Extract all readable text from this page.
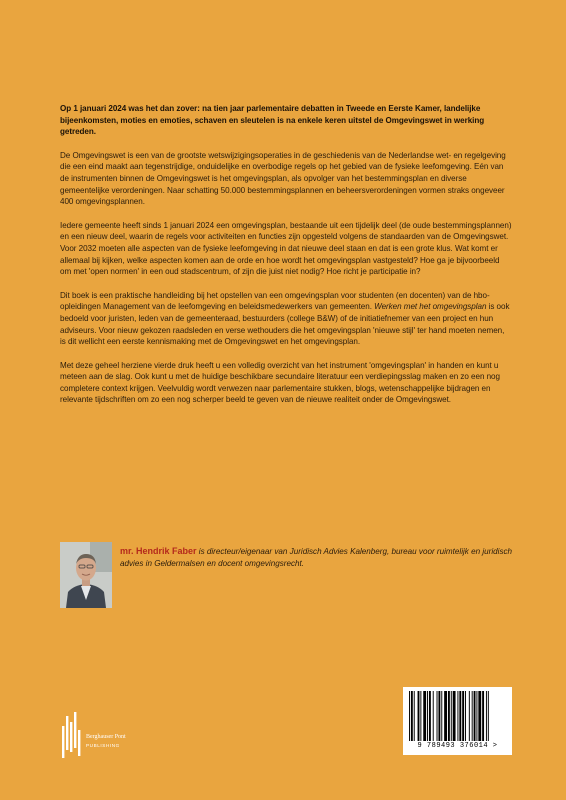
Op 1 januari 2024 was het dan zover: na tien jaar parlementaire debatten in Tweede en Eerste Kamer, landelijke bijeenkomsten, moties en emoties, schaven en sleutelen is na enkele keren uitstel de Omgevingswet in werking getreden.

De Omgevingswet is een van de grootste wetswijzigingsoperaties in de geschiedenis van de Nederlandse wet- en regelgeving die een eind maakt aan tegenstrijdige, onduidelijke en overbodige regels op het gebied van de fysieke leefomgeving. Eén van de instrumenten binnen de Omgevingswet is het omgevingsplan, als opvolger van het bestemmingsplan en diverse gemeentelijke verordeningen. Naar schatting 50.000 bestemmingsplannen en beheersverordeningen vormen straks ongeveer 400 omgevingsplannen.

Iedere gemeente heeft sinds 1 januari 2024 een omgevingsplan, bestaande uit een tijdelijk deel (de oude bestemmingsplannen) en een nieuw deel, waarin de regels voor activiteiten en functies zijn opgesteld volgens de standaarden van de Omgevingswet. Voor 2032 moeten alle aspecten van de fysieke leefomgeving in dat nieuwe deel staan en dat is een grote klus. Wat komt er allemaal bij kijken, welke aspecten komen aan de orde en hoe wordt het omgevingsplan vastgesteld? Hoe ga je bijvoorbeeld om met 'open normen' in een oud stadscentrum, of zijn die juist niet nodig? Hoe richt je participatie in?

Dit boek is een praktische handleiding bij het opstellen van een omgevingsplan voor studenten (en docenten) van de hbo-opleidingen Management van de leefomgeving en beleidsmedewerkers van gemeenten. Werken met het omgevingsplan is ook bedoeld voor juristen, leden van de gemeenteraad, bestuurders (college B&W) of de initiatiefnemer van een project en hun adviseurs. Voor nieuw gekozen raadsleden en verse wethouders die het omgevingsplan 'nieuwe stijl' ter hand moeten nemen, is dit wellicht een eerste kennismaking met de Omgevingswet en het omgevingsplan.

Met deze geheel herziene vierde druk heeft u een volledig overzicht van het instrument 'omgevingsplan' in handen en kunt u meteen aan de slag. Ook kunt u met de huidige beschikbare secundaire literatuur een verdiepingsslag maken en zo een nog completere context krijgen. Veelvuldig wordt verwezen naar parlementaire stukken, blogs, wetenschappelijke bijdragen en relevante tijdschriften om zo een nog scherper beeld te geven van de nieuwe realiteit onder de Omgevingswet.

mr. Hendrik Faber is directeur/eigenaar van Juridisch Advies Kalenberg, bureau voor ruimtelijk en juridisch advies in Geldermalsen en docent omgevingsrecht.
Berghauser Pont
PUBLISHING	9 789493 376014 >
